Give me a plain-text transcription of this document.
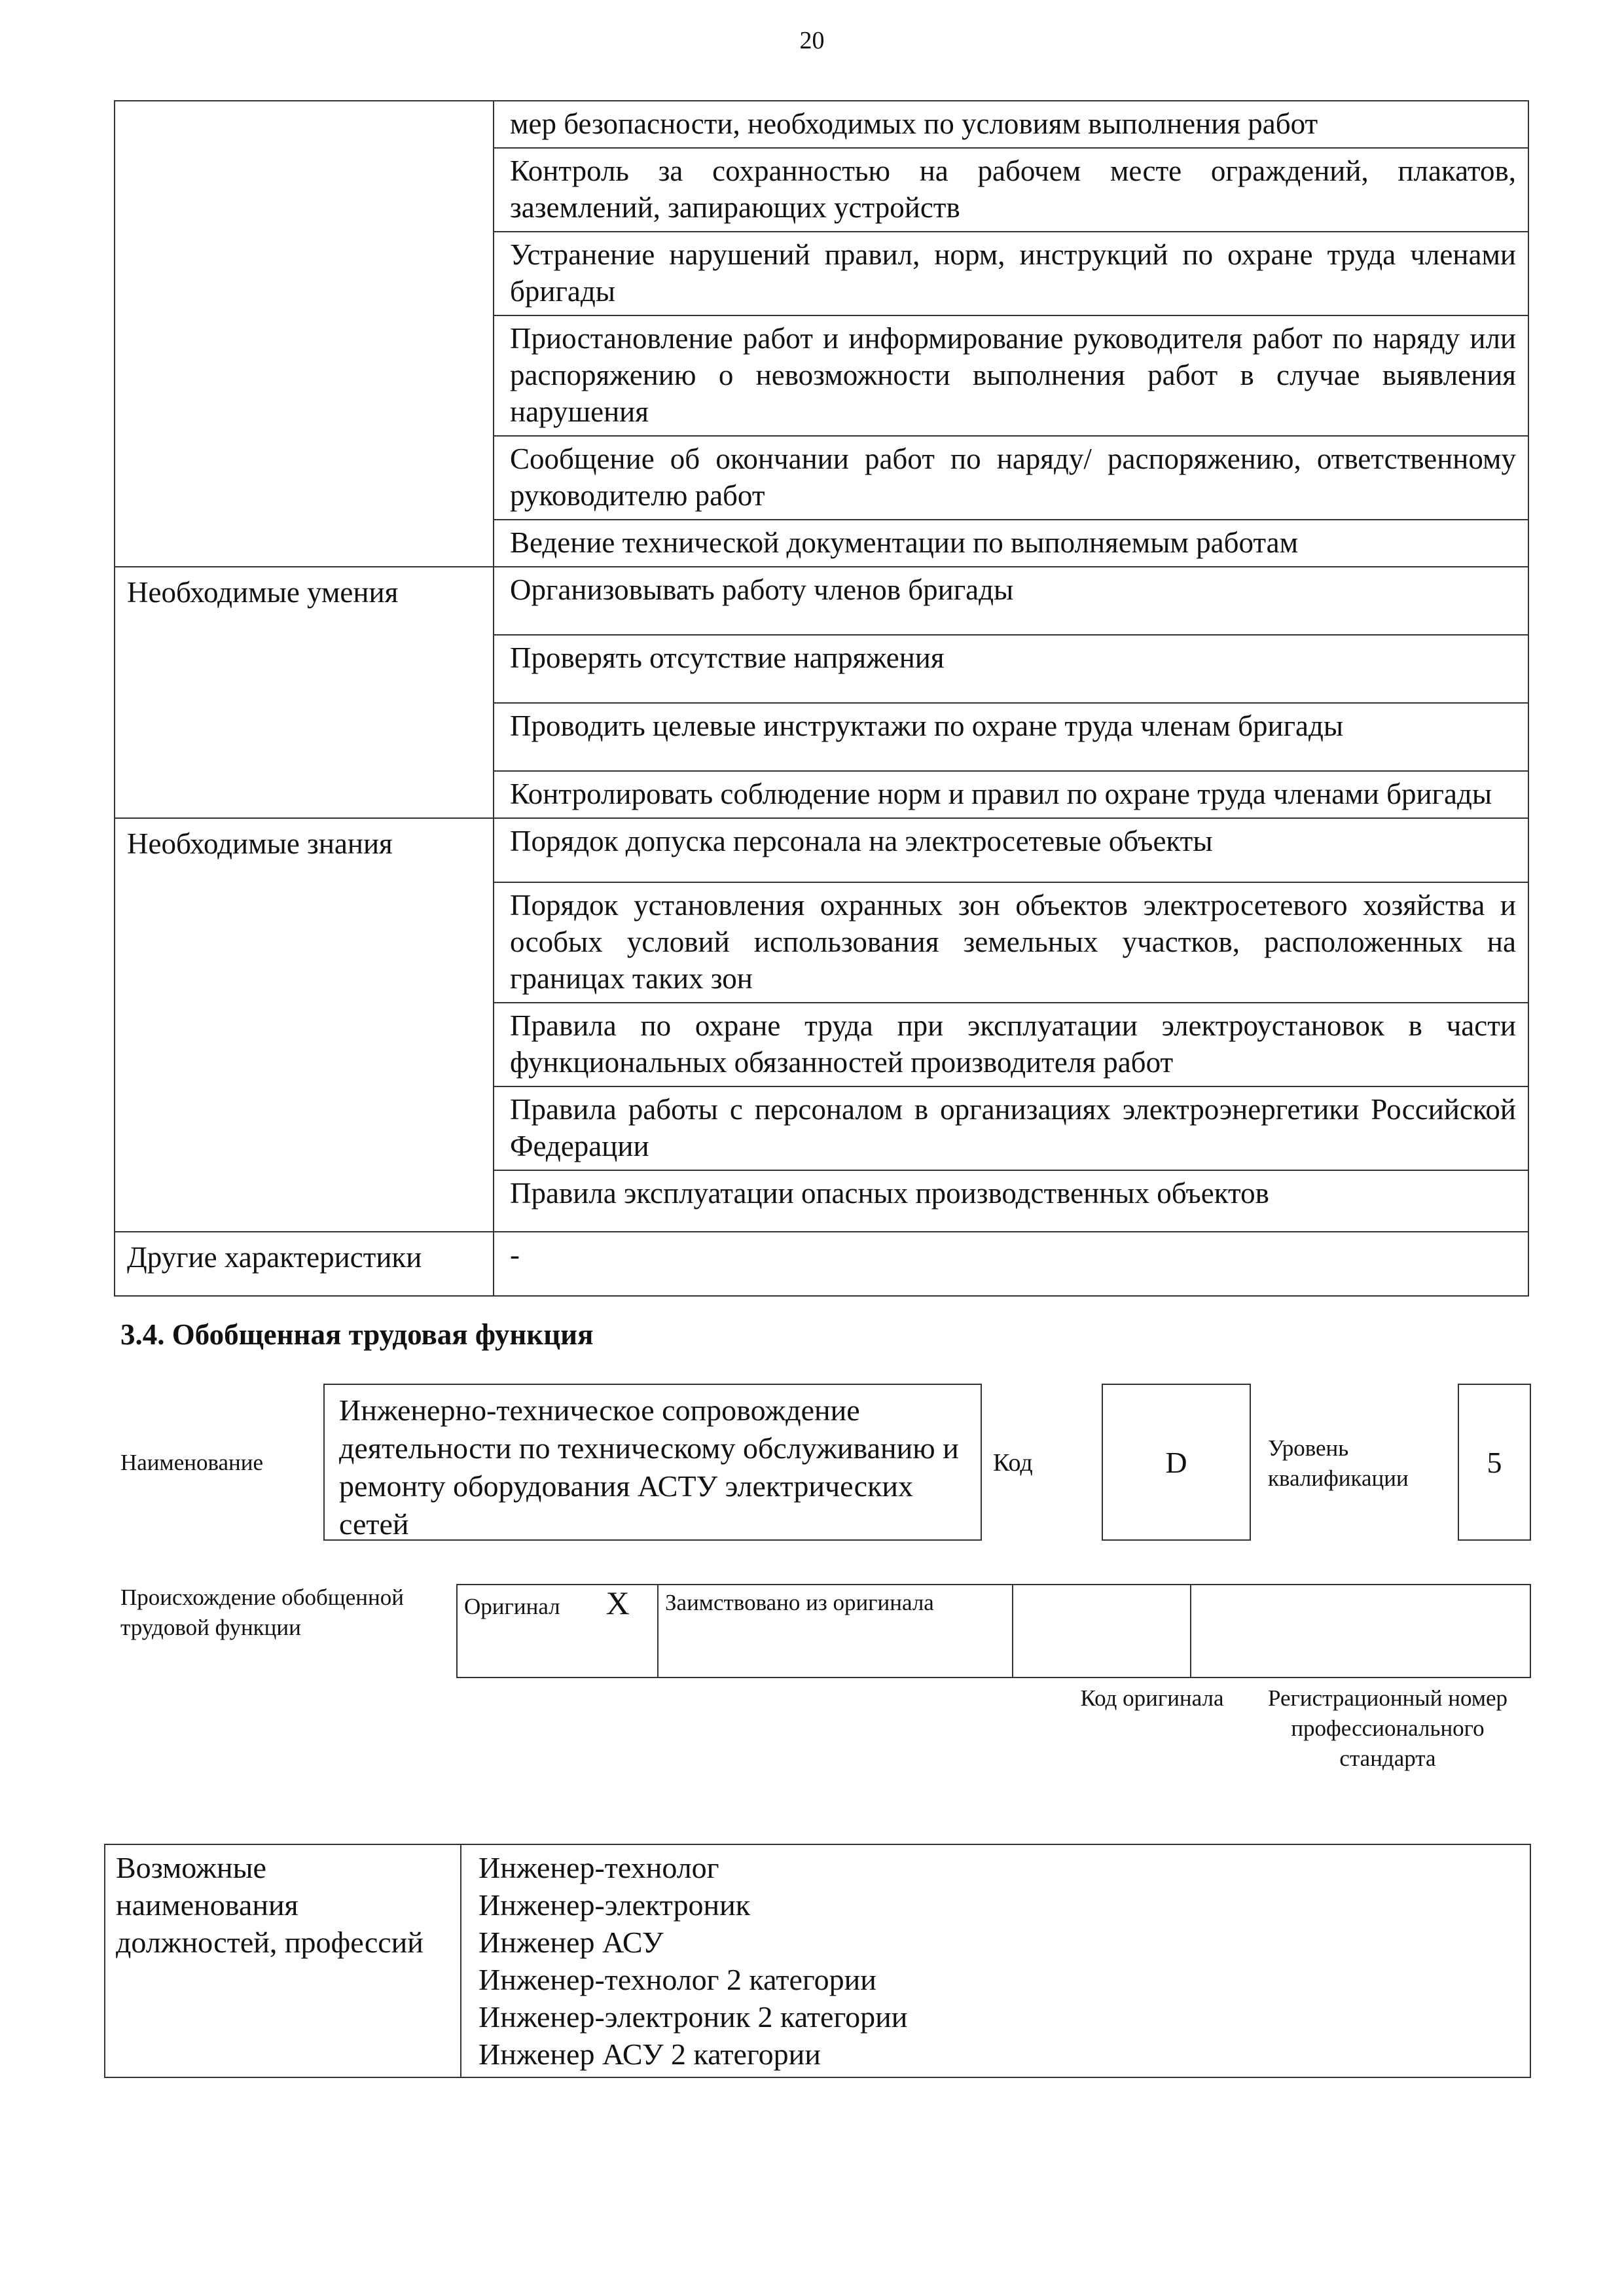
20
	мер безопасности, необходимых по условиям выполнения работ
	Контроль за сохранностью на рабочем месте ограждений, плакатов, заземлений, запирающих устройств
	Устранение нарушений правил, норм, инструкций по охране труда членами бригады
	Приостановление работ и информирование руководителя работ по наряду или распоряжению о невозможности выполнения работ в случае выявления нарушения
	Сообщение об окончании работ по наряду/ распоряжению, ответственному руководителю работ
	Ведение технической документации по выполняемым работам
Необходимые умения	Организовывать работу членов бригады
	Проверять отсутствие напряжения
	Проводить целевые инструктажи по охране труда членам бригады
	Контролировать соблюдение норм и правил по охране труда членами бригады
Необходимые знания	Порядок допуска персонала на электросетевые объекты
	Порядок установления охранных зон объектов электросетевого хозяйства и особых условий использования земельных участков, расположенных на границах таких зон
	Правила по охране труда при эксплуатации электроустановок в части функциональных обязанностей производителя работ
	Правила работы с персоналом в организациях электроэнергетики Российской Федерации
	Правила эксплуатации опасных производственных объектов
Другие характеристики	-
3.4. Обобщенная трудовая функция
Наименование
Инженерно-техническое сопровождение деятельности по техническому обслуживанию и ремонту оборудования АСТУ электрических сетей
Код	D	Уровень квалификации	5
Происхождение обобщенной трудовой функции
Оригинал X	Заимствовано из оригинала		
Код оригинала	Регистрационный номер профессионального стандарта
Возможные наименования должностей, профессий	
Инженер-технолог
Инженер-электроник
Инженер АСУ
Инженер-технолог 2 категории
Инженер-электроник 2 категории
Инженер АСУ 2 категории
